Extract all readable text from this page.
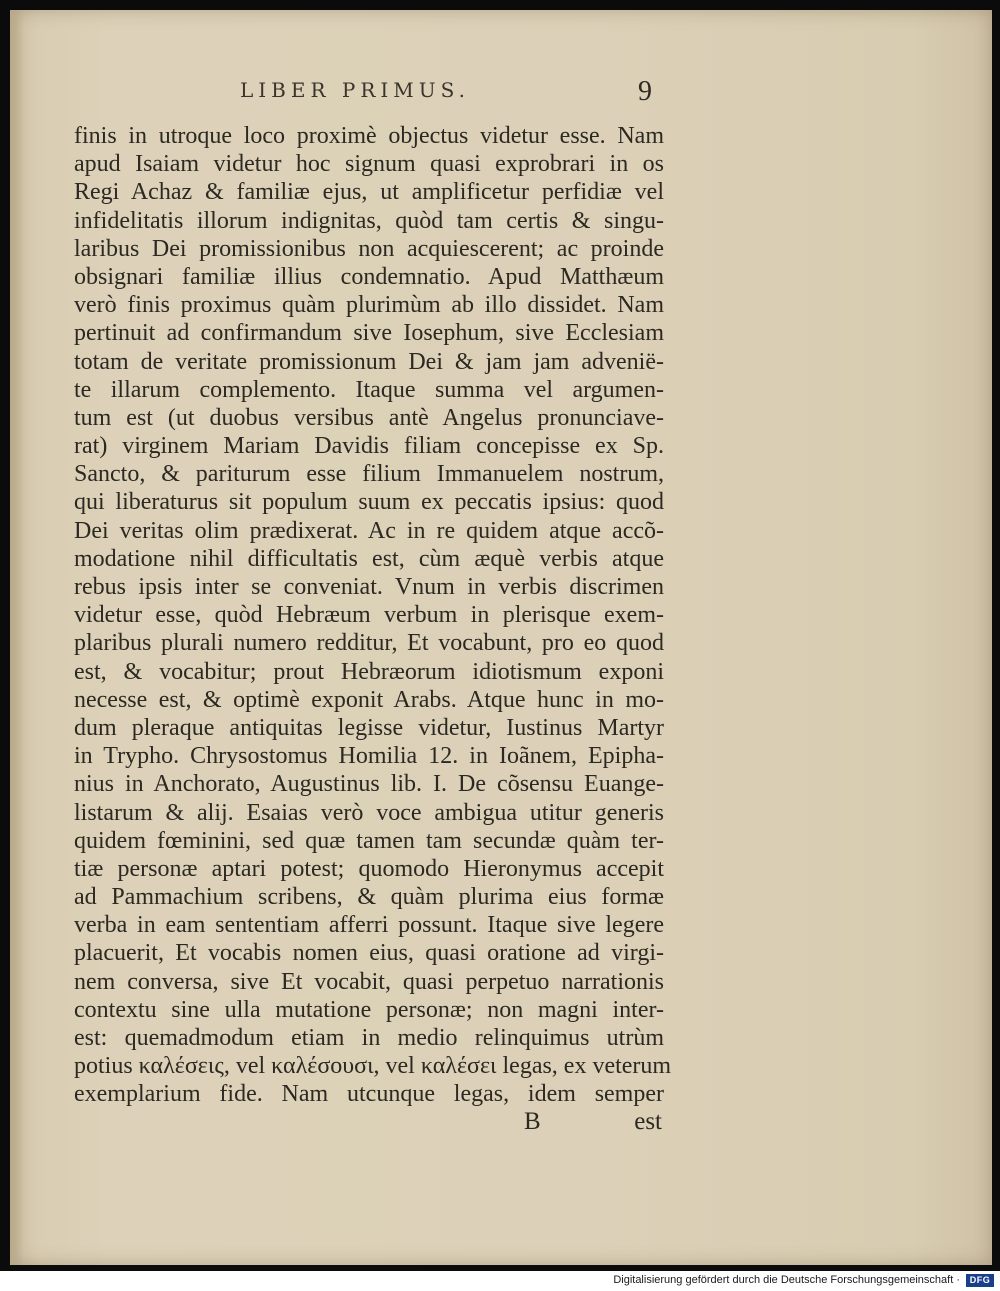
LIBER PRIMUS.	9
finis in utroque loco proximè objectus videtur esse. Nam
apud Isaiam videtur hoc signum quasi exprobrari in os
Regi Achaz & familiæ ejus, ut amplificetur perfidiæ vel
infidelitatis illorum indignitas, quòd tam certis & singu-
laribus Dei promissionibus non acquiescerent; ac proinde
obsignari familiæ illius condemnatio. Apud Matthæum
verò finis proximus quàm plurimùm ab illo dissidet. Nam
pertinuit ad confirmandum sive Iosephum, sive Ecclesiam
totam de veritate promissionum Dei & jam jam advenië-
te illarum complemento. Itaque summa vel argumen-
tum est (ut duobus versibus antè Angelus pronunciave-
rat) virginem Mariam Davidis filiam concepisse ex Sp.
Sancto, & pariturum esse filium Immanuelem nostrum,
qui liberaturus sit populum suum ex peccatis ipsius: quod
Dei veritas olim prædixerat. Ac in re quidem atque accõ-
modatione nihil difficultatis est, cùm æquè verbis atque
rebus ipsis inter se conveniat. Vnum in verbis discrimen
videtur esse, quòd Hebræum verbum in plerisque exem-
plaribus plurali numero redditur, Et vocabunt, pro eo quod
est, & vocabitur; prout Hebræorum idiotismum exponi
necesse est, & optimè exponit Arabs. Atque hunc in mo-
dum pleraque antiquitas legisse videtur, Iustinus Martyr
in Trypho. Chrysostomus Homilia 12. in Ioãnem, Epipha-
nius in Anchorato, Augustinus lib. I. De cõsensu Euange-
listarum & alij. Esaias verò voce ambigua utitur generis
quidem fœminini, sed quæ tamen tam secundæ quàm ter-
tiæ personæ aptari potest; quomodo Hieronymus accepit
ad Pammachium scribens, & quàm plurima eius formæ
verba in eam sententiam afferri possunt. Itaque sive legere
placuerit, Et vocabis nomen eius, quasi oratione ad virgi-
nem conversa, sive Et vocabit, quasi perpetuo narrationis
contextu sine ulla mutatione personæ; non magni inter-
est: quemadmodum etiam in medio relinquimus utrùm
potius καλέσεις, vel καλέσουσι, vel καλέσει legas, ex veterum
exemplarium fide. Nam utcunque legas, idem semper
B	est
Digitalisierung gefördert durch die Deutsche Forschungsgemeinschaft ·	DFG
